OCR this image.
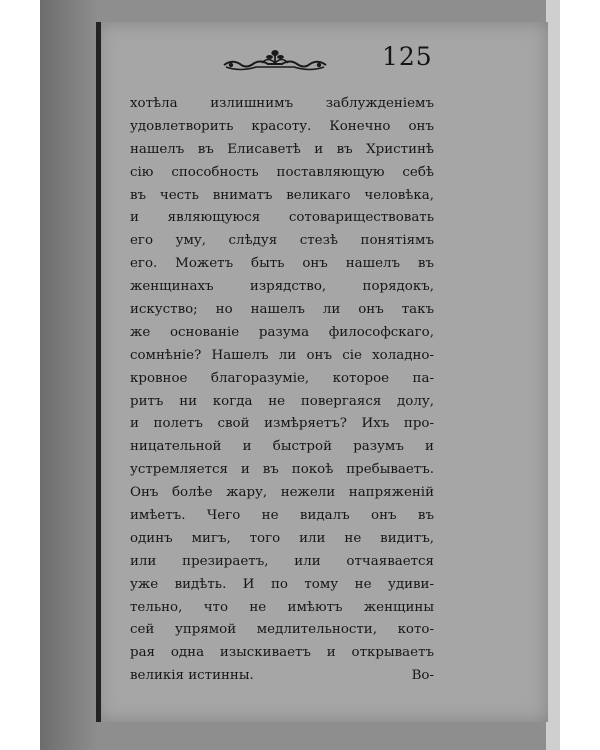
125
хотѣла излишнимъ заблужденіемъ
удовлетворить красоту. Конечно онъ
нашелъ въ Елисаветѣ и въ Христинѣ
сію способность поставляющую себѣ
въ честь вниматъ великаго человѣка,
и являющуюся сотовариществовать
его уму, слѣдуя стезѣ понятіямъ
его. Можетъ быть онъ нашелъ въ
женщинахъ изрядство, порядокъ,
искуство; но нашелъ ли онъ такъ
же основаніе разума философскаго,
сомнѣніе? Нашелъ ли онъ сіе холадно-
кровное благоразуміе, которое па-
ритъ ни когда не повергаяся долу,
и полетъ свой измѣряетъ? Ихъ про-
ницательной и быстрой разумъ и
устремляется и въ покоѣ пребываетъ.
Онъ болѣе жару, нежели напряженій
имѣетъ. Чего не видалъ онъ въ
одинъ мигъ, того или не видитъ,
или презираетъ, или отчаявается
уже видѣть. И по тому не удиви-
тельно, что не имѣютъ женщины
сей упрямой медлительности, кото-
рая одна изыскиваетъ и открываетъ
великія истинны.	Во-
